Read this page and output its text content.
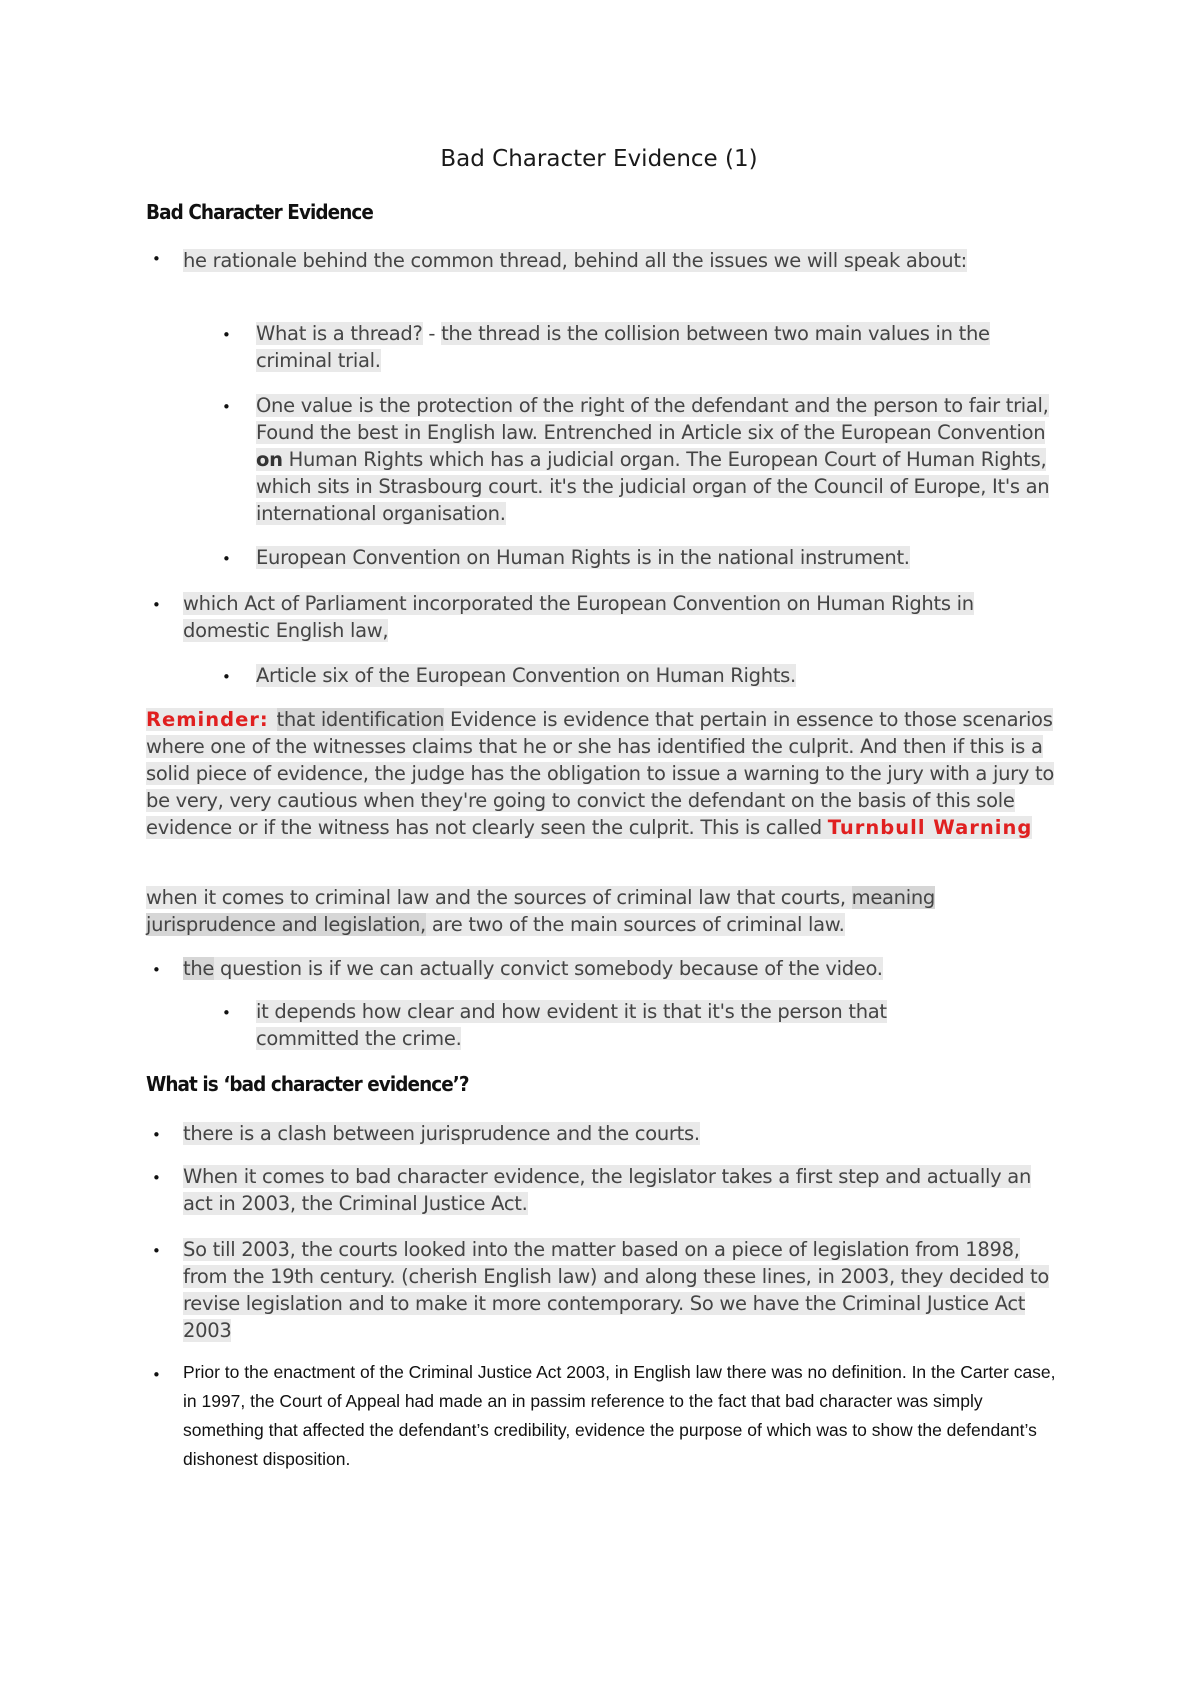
Bad Character Evidence (1)
Bad Character Evidence
• he rationale behind the common thread, behind all the issues we will speak about:
• What is a thread? - the thread is the collision between two main values in the criminal trial.
• One value is the protection of the right of the defendant and the person to fair trial, Found the best in English law. Entrenched in Article six of the European Convention on Human Rights which has a judicial organ. The European Court of Human Rights, which sits in Strasbourg court. it's the judicial organ of the Council of Europe, It's an international organisation.
• European Convention on Human Rights is in the national instrument.
• which Act of Parliament incorporated the European Convention on Human Rights in domestic English law,
• Article six of the European Convention on Human Rights.
Reminder: that identification Evidence is evidence that pertain in essence to those scenarios where one of the witnesses claims that he or she has identified the culprit. And then if this is a solid piece of evidence, the judge has the obligation to issue a warning to the jury with a jury to be very, very cautious when they're going to convict the defendant on the basis of this sole evidence or if the witness has not clearly seen the culprit. This is called Turnbull Warning
when it comes to criminal law and the sources of criminal law that courts, meaning jurisprudence and legislation, are two of the main sources of criminal law.
• the question is if we can actually convict somebody because of the video.
• it depends how clear and how evident it is that it's the person that committed the crime.
What is ‘bad character evidence’?
• there is a clash between jurisprudence and the courts.
• When it comes to bad character evidence, the legislator takes a first step and actually an act in 2003, the Criminal Justice Act.
• So till 2003, the courts looked into the matter based on a piece of legislation from 1898, from the 19th century. (cherish English law) and along these lines, in 2003, they decided to revise legislation and to make it more contemporary. So we have the Criminal Justice Act 2003
• Prior to the enactment of the Criminal Justice Act 2003, in English law there was no definition. In the Carter case, in 1997, the Court of Appeal had made an in passim reference to the fact that bad character was simply something that affected the defendant’s credibility, evidence the purpose of which was to show the defendant’s dishonest disposition.
